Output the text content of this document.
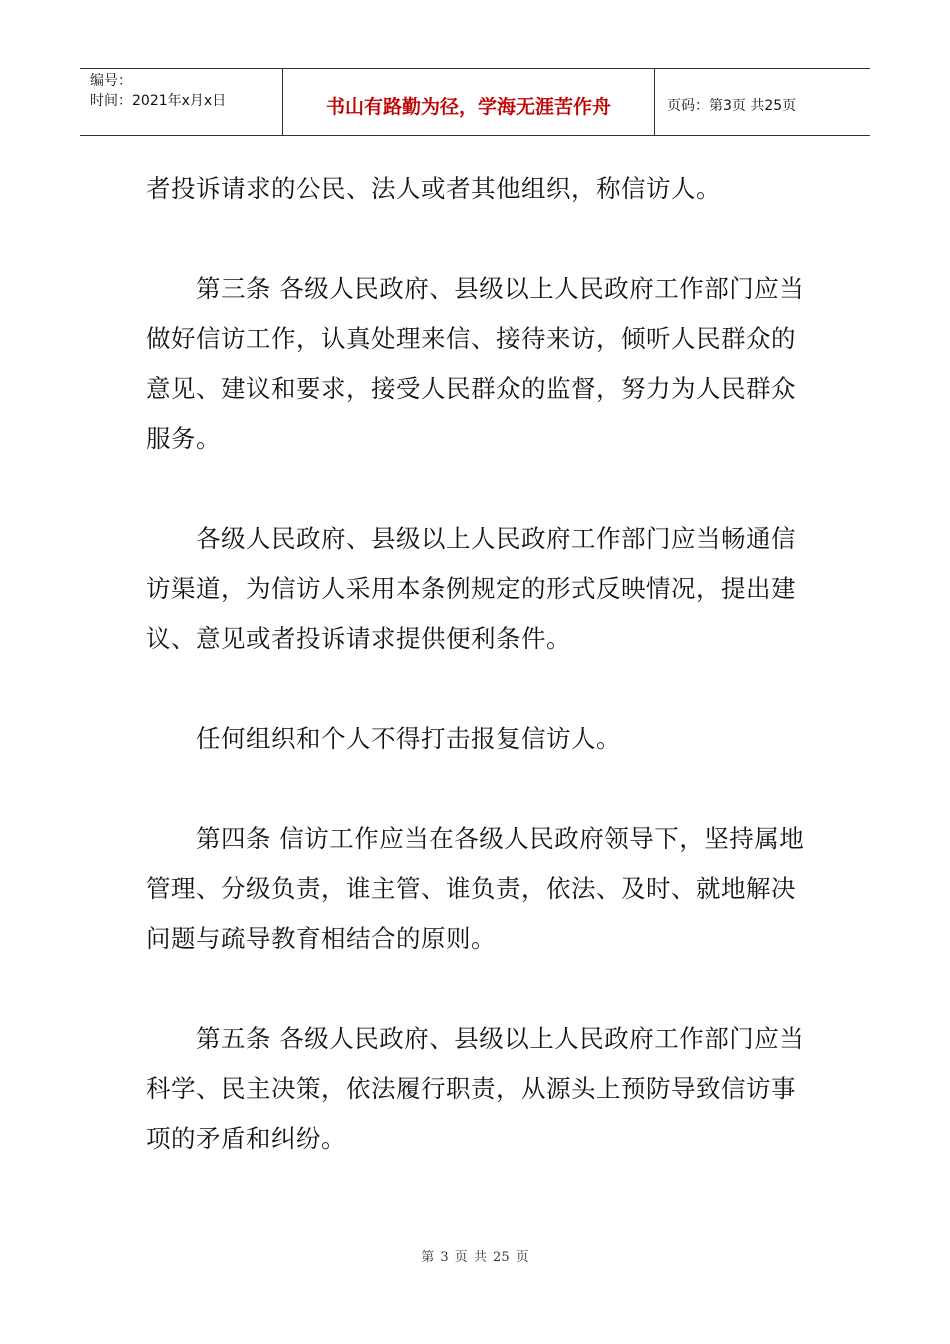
编号：
时间：2021年x月x日	书山有路勤为径，学海无涯苦作舟	页码：第3页 共25页

者投诉请求的公民、法人或者其他组织，称信访人。

　　第三条 各级人民政府、县级以上人民政府工作部门应当做好信访工作，认真处理来信、接待来访，倾听人民群众的意见、建议和要求，接受人民群众的监督，努力为人民群众服务。

　　各级人民政府、县级以上人民政府工作部门应当畅通信访渠道，为信访人采用本条例规定的形式反映情况，提出建议、意见或者投诉请求提供便利条件。

　　任何组织和个人不得打击报复信访人。

　　第四条 信访工作应当在各级人民政府领导下，坚持属地管理、分级负责，谁主管、谁负责，依法、及时、就地解决问题与疏导教育相结合的原则。

　　第五条 各级人民政府、县级以上人民政府工作部门应当科学、民主决策，依法履行职责，从源头上预防导致信访事项的矛盾和纠纷。

第 3 页 共 25 页
